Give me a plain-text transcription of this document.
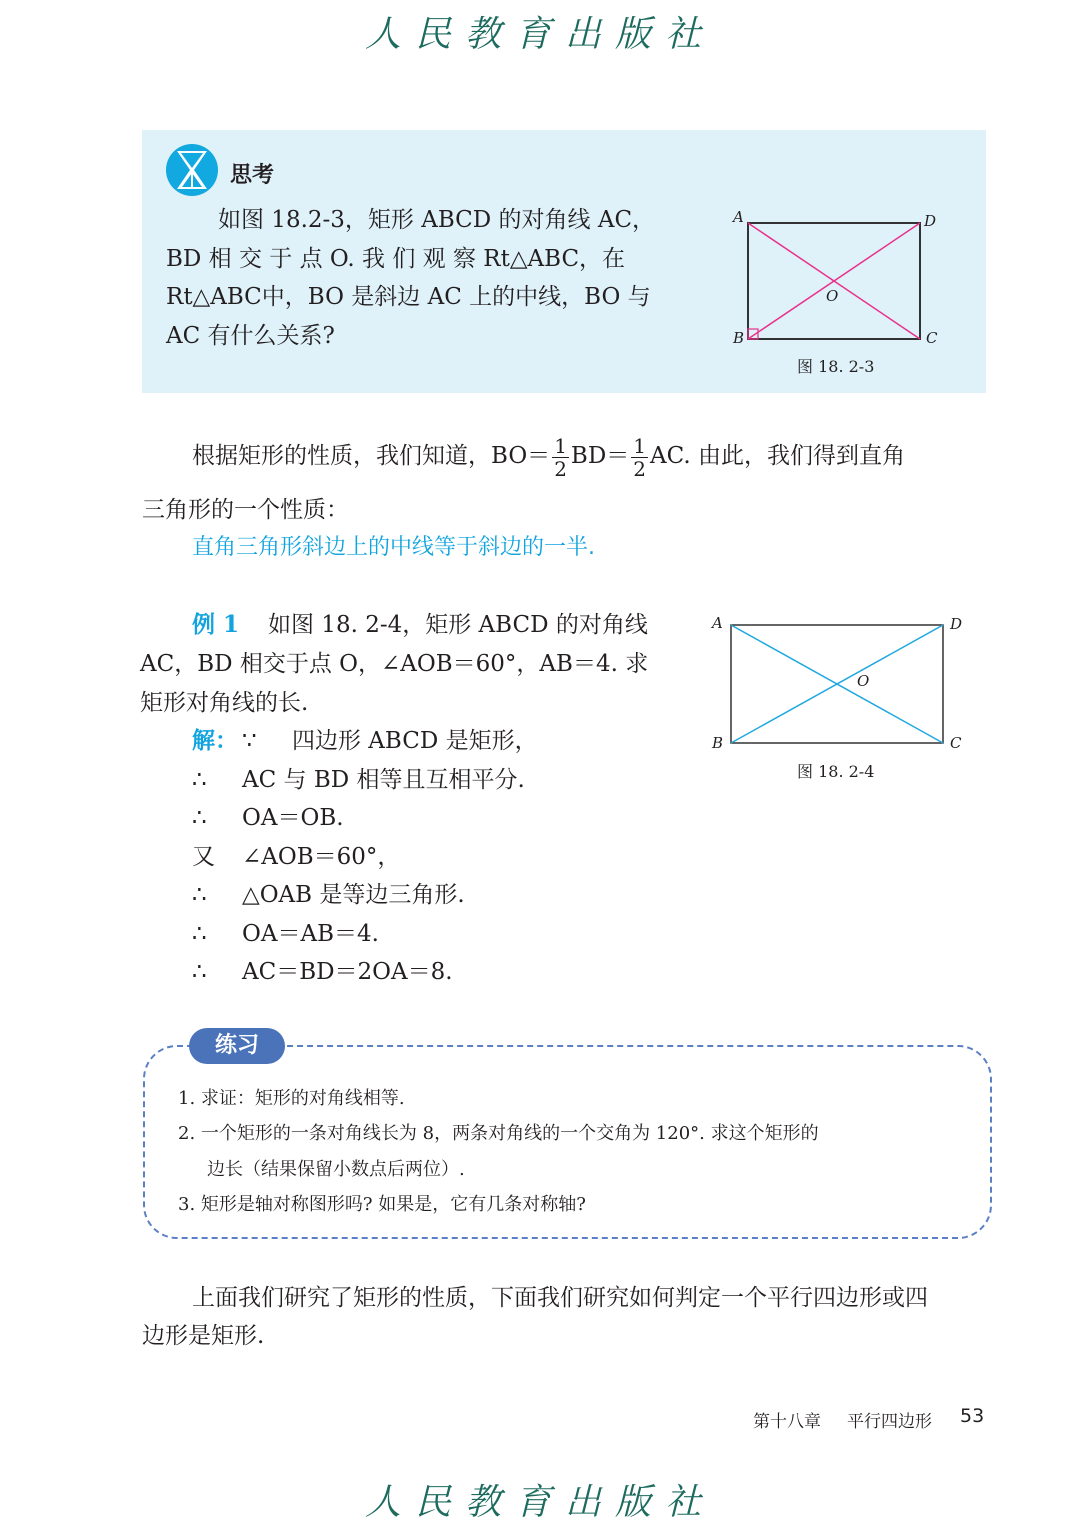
人民教育出版社
思考
如图 18.2-3，矩形 ABCD 的对角线 AC，
BD 相 交 于 点 O. 我 们 观 察 Rt△ABC，在
Rt△ABC中，BO 是斜边 AC 上的中线，BO 与
AC 有什么关系?
A	D
B	C
O
图 18. 2-3
根据矩形的性质，我们知道，$BO= \frac{1}{2} BD= \frac{1}{2}$ AC. 由此，我们得到直角
三角形的一个性质：
直角三角形斜边上的中线等于斜边的一半.
例 1 如图 18. 2-4，矩形 ABCD 的对角线
AC，BD 相交于点 O，∠AOB＝60°，AB＝4. 求
矩形对角线的长.
解： ∵ 四边形 ABCD 是矩形，
∴ AC 与 BD 相等且互相平分.
∴ OA＝OB.
又 ∠AOB＝60°，
∴ △OAB 是等边三角形.
∴ OA＝AB＝4.
∴ AC＝BD＝2OA＝8.
A	D
B	C
O
图 18. 2-4
练习
1. 求证：矩形的对角线相等.
2. 一个矩形的一条对角线长为 8，两条对角线的一个交角为 120°. 求这个矩形的
边长（结果保留小数点后两位）.
3. 矩形是轴对称图形吗? 如果是，它有几条对称轴?
上面我们研究了矩形的性质，下面我们研究如何判定一个平行四边形或四
边形是矩形.
第十八章 平行四边形 53
人民教育出版社
